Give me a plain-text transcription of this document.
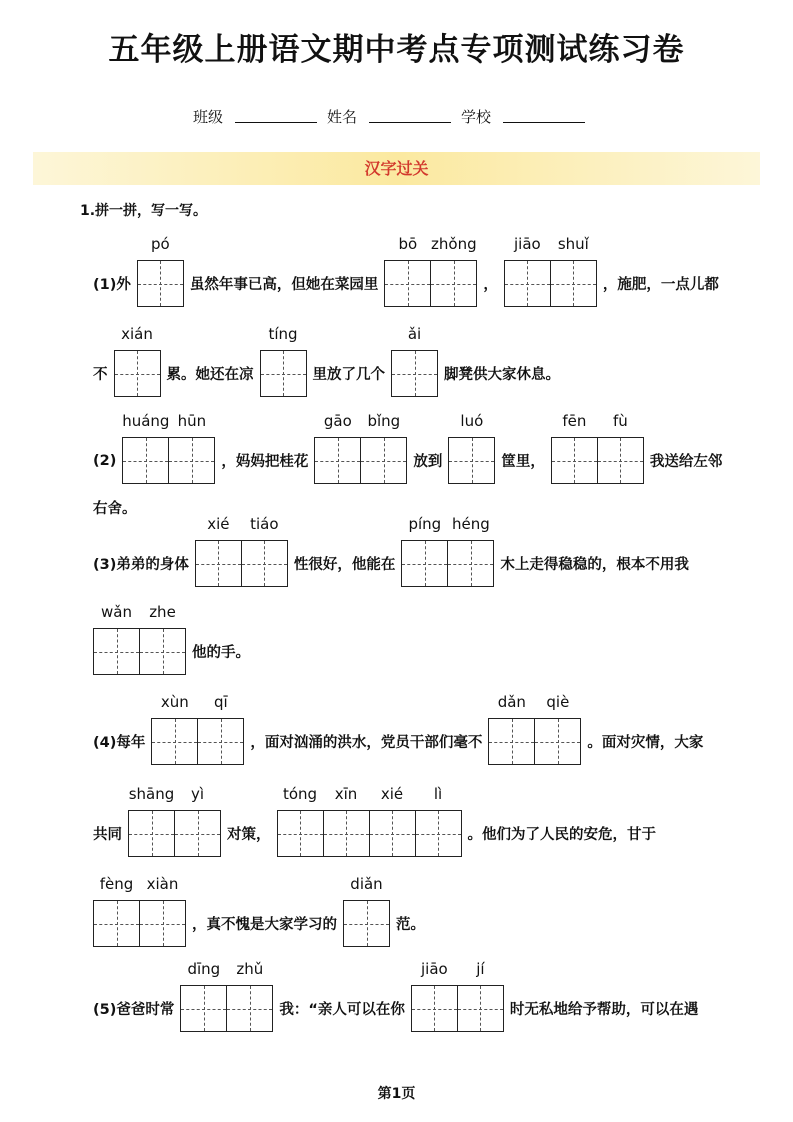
五年级上册语文期中考点专项测试练习卷
班级	姓名	学校
汉字过关
1.拼一拼，写一写。
(1)外
pó
虽然年事已高，但她在菜园里
bō zhǒng
，
jiāo	shuǐ
，施肥，一点儿都
不
xián
累。她还在凉
tíng
里放了几个
ǎi
脚凳供大家休息。
(2)
huáng hūn
，妈妈把桂花
gāo	bǐng
放到
luó
筐里，
fēn	fù
我送给左邻
右舍。
(3)弟弟的身体
xié	tiáo
性很好，他能在
píng héng
木上走得稳稳的，根本不用我
wǎn	zhe
他的手。
(4)每年
xùn	qī
，面对汹涌的洪水，党员干部们毫不
dǎn	qiè
。面对灾情，大家
共同
shāng	yì
对策，
tóng	xīn	xié	lì
。他们为了人民的安危，甘于
fèng xiàn
，真不愧是大家学习的
diǎn
范。
(5)爸爸时常
dīng	zhǔ
我：“亲人可以在你
jiāo	jí
时无私地给予帮助，可以在遇
第1页
